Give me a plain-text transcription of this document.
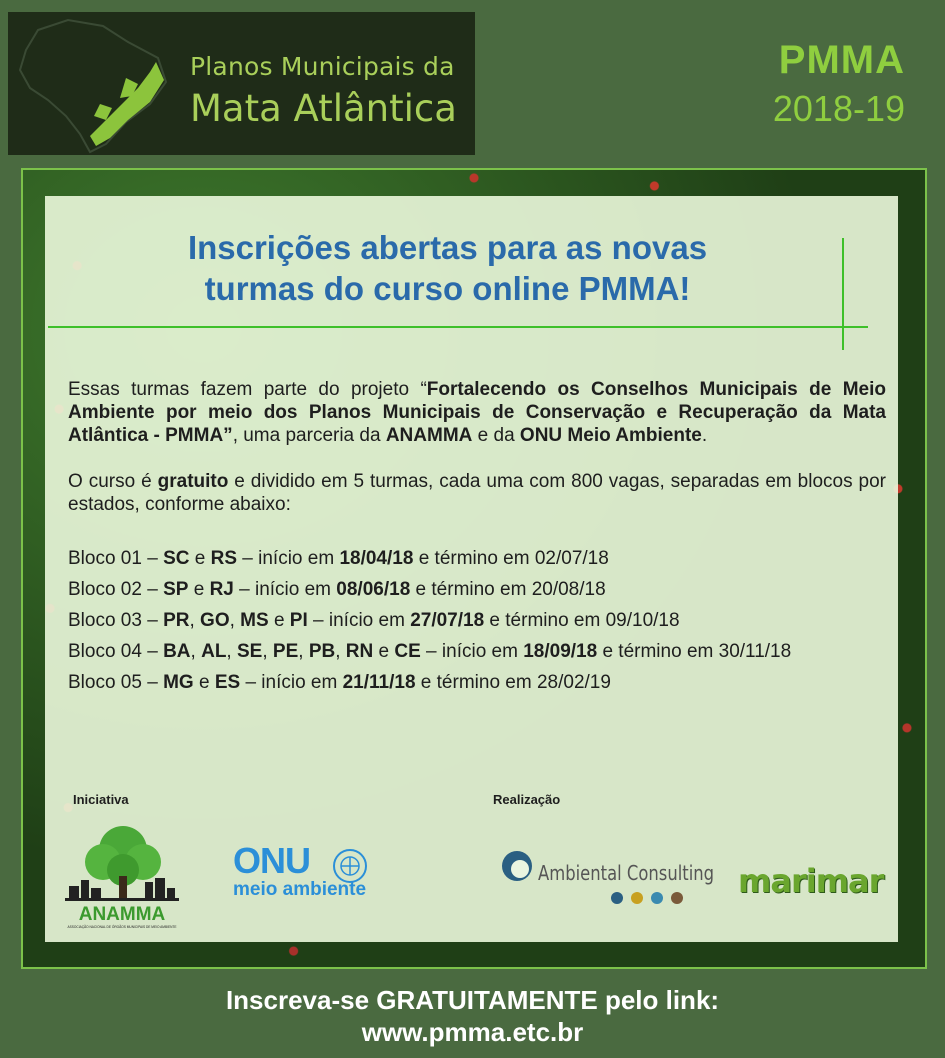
Planos Municipais da
Mata Atlântica
PMMA
2018-19

Inscrições abertas para as novas
turmas do curso online PMMA!

Essas turmas fazem parte do projeto “Fortalecendo os Conselhos Municipais de Meio Ambiente por meio dos Planos Municipais de Conservação e Recuperação da Mata Atlântica - PMMA”, uma parceria da ANAMMA e da ONU Meio Ambiente.

O curso é gratuito e dividido em 5 turmas, cada uma com 800 vagas, separadas em blocos por estados, conforme abaixo:

Bloco 01 – SC e RS – início em 18/04/18 e término em 02/07/18
Bloco 02 – SP e RJ – início em 08/06/18 e término em 20/08/18
Bloco 03 – PR, GO, MS e PI – início em 27/07/18 e término em 09/10/18
Bloco 04 – BA, AL, SE, PE, PB, RN e CE – início em 18/09/18 e término em 30/11/18
Bloco 05 – MG e ES – início em 21/11/18 e término em 28/02/19
Iniciativa	Realização
ANAMMA
ASSOCIAÇÃO NACIONAL DE ÓRGÃOS MUNICIPAIS DE MEIO AMBIENTE
ONU
meio ambiente
Ambiental Consulting marimar
Inscreva-se GRATUITAMENTE pelo link:
www.pmma.etc.br
